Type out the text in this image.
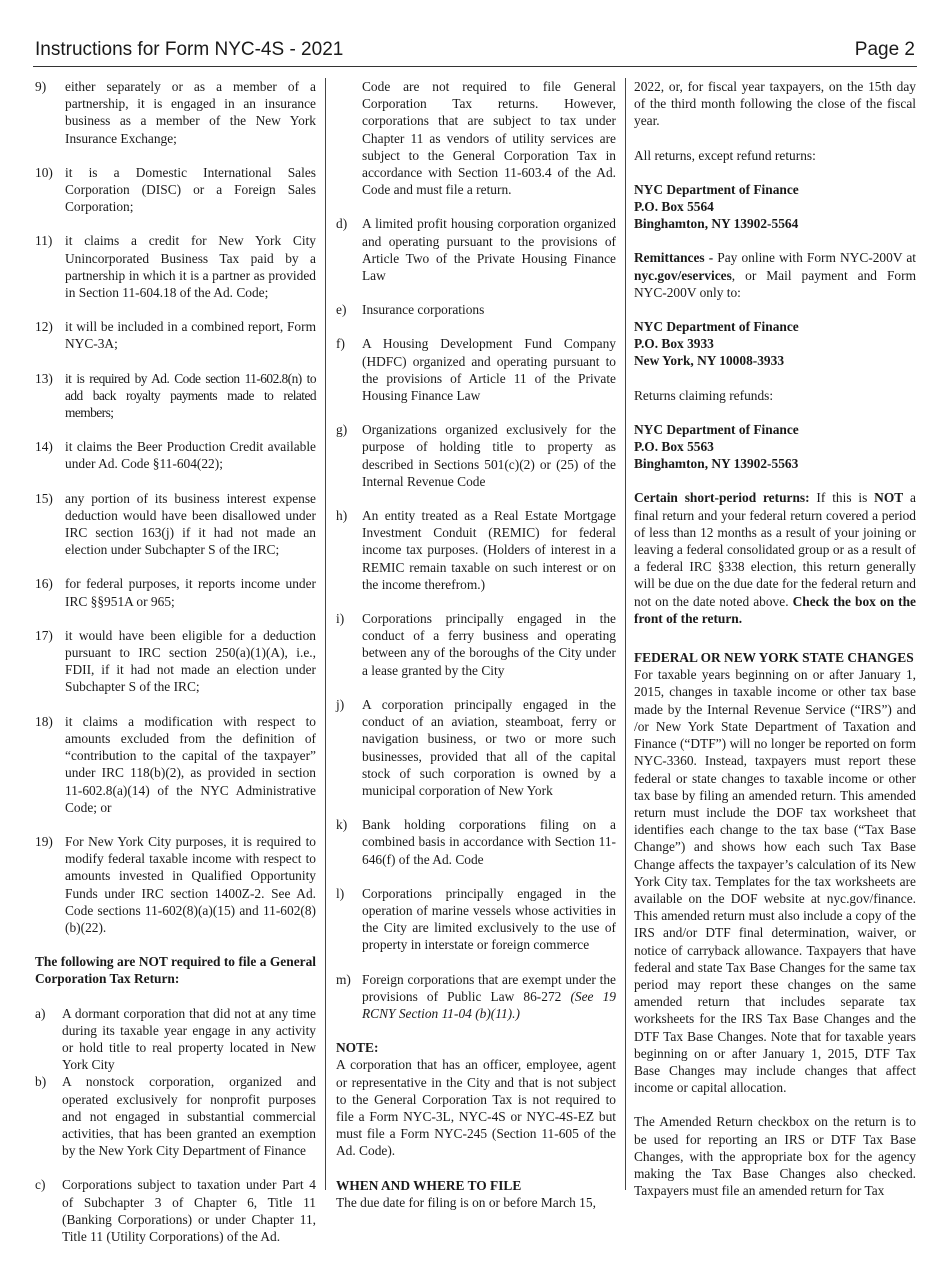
Instructions for Form NYC-4S - 2021	Page 2
9)	either separately or as a member of a partnership, it is engaged in an insurance business as a member of the New York Insurance Exchange;
10) it is a Domestic International Sales Corporation (DISC) or a Foreign Sales Corporation;
11) it claims a credit for New York City Unincorporated Business Tax paid by a partnership in which it is a partner as provided in Section 11-604.18 of the Ad. Code;
12) it will be included in a combined report, Form NYC-3A;
13) it is required by Ad. Code section 11-602.8(n) to add back royalty payments made to related members;
14) it claims the Beer Production Credit available under Ad. Code §11-604(22);
15) any portion of its business interest expense deduction would have been disallowed under IRC section 163(j) if it had not made an election under Subchapter S of the IRC;
16) for federal purposes, it reports income under IRC §§951A or 965;
17) it would have been eligible for a deduction pursuant to IRC section 250(a)(1)(A), i.e., FDII, if it had not made an election under Subchapter S of the IRC;
18) it claims a modification with respect to amounts excluded from the definition of “contribution to the capital of the taxpayer” under IRC 118(b)(2), as provided in section 11-602.8(a)(14) of the NYC Administrative Code; or
19) For New York City purposes, it is required to modify federal taxable income with respect to amounts invested in Qualified Opportunity Funds under IRC section 1400Z-2. See Ad. Code sections 11-602(8)(a)(15) and 11-602(8)(b)(22).
The following are NOT required to file a General Corporation Tax Return:
a)	A dormant corporation that did not at any time during its taxable year engage in any activity or hold title to real property located in New York City
b)	A nonstock corporation, organized and operated exclusively for nonprofit purposes and not engaged in substantial commercial activities, that has been granted an exemption by the New York City Department of Finance
c)	Corporations subject to taxation under Part 4 of Subchapter 3 of Chapter 6, Title 11 (Banking Corporations) or under Chapter 11, Title 11 (Utility Corporations) of the Ad.
Code are not required to file General Corporation Tax returns. However, corporations that are subject to tax under Chapter 11 as vendors of utility services are subject to the General Corporation Tax in accordance with Section 11-603.4 of the Ad. Code and must file a return.
d)	A limited profit housing corporation organized and operating pursuant to the provisions of Article Two of the Private Housing Finance Law
e)	Insurance corporations
f)	A Housing Development Fund Company (HDFC) organized and operating pursuant to the provisions of Article 11 of the Private Housing Finance Law
g)	Organizations organized exclusively for the purpose of holding title to property as described in Sections 501(c)(2) or (25) of the Internal Revenue Code
h)	An entity treated as a Real Estate Mortgage Investment Conduit (REMIC) for federal income tax purposes. (Holders of interest in a REMIC remain taxable on such interest or on the income therefrom.)
i)	Corporations principally engaged in the conduct of a ferry business and operating between any of the boroughs of the City under a lease granted by the City
j)	A corporation principally engaged in the conduct of an aviation, steamboat, ferry or navigation business, or two or more such businesses, provided that all of the capital stock of such corporation is owned by a municipal corporation of New York
k)	Bank holding corporations filing on a combined basis in accordance with Section 11-646(f) of the Ad. Code
l)	Corporations principally engaged in the operation of marine vessels whose activities in the City are limited exclusively to the use of property in interstate or foreign commerce
m) Foreign corporations that are exempt under the provisions of Public Law 86-272 (See 19 RCNY Section 11-04 (b)(11).)
NOTE:
A corporation that has an officer, employee, agent or representative in the City and that is not subject to the General Corporation Tax is not required to file a Form NYC-3L, NYC-4S or NYC-4S-EZ but must file a Form NYC-245 (Section 11-605 of the Ad. Code).
WHEN AND WHERE TO FILE
The due date for filing is on or before March 15,
2022, or, for fiscal year taxpayers, on the 15th day of the third month following the close of the fiscal year.
All returns, except refund returns:
NYC Department of Finance
P.O. Box 5564
Binghamton, NY 13902-5564
Remittances - Pay online with Form NYC-200V at nyc.gov/eservices, or Mail payment and Form NYC-200V only to:
NYC Department of Finance
P.O. Box 3933
New York, NY 10008-3933
Returns claiming refunds:
NYC Department of Finance
P.O. Box 5563
Binghamton, NY 13902-5563
Certain short-period returns: If this is NOT a final return and your federal return covered a period of less than 12 months as a result of your joining or leaving a federal consolidated group or as a result of a federal IRC §338 election, this return generally will be due on the due date for the federal return and not on the date noted above. Check the box on the front of the return.
FEDERAL OR NEW YORK STATE CHANGES
For taxable years beginning on or after January 1, 2015, changes in taxable income or other tax base made by the Internal Revenue Service (“IRS”) and /or New York State Department of Taxation and Finance (“DTF”) will no longer be reported on form NYC-3360. Instead, taxpayers must report these federal or state changes to taxable income or other tax base by filing an amended return. This amended return must include the DOF tax worksheet that identifies each change to the tax base (“Tax Base Change”) and shows how each such Tax Base Change affects the taxpayer’s calculation of its New York City tax. Templates for the tax worksheets are available on the DOF website at nyc.gov/finance. This amended return must also include a copy of the IRS and/or DTF final determination, waiver, or notice of carryback allowance. Taxpayers that have federal and state Tax Base Changes for the same tax period may report these changes on the same amended return that includes separate tax worksheets for the IRS Tax Base Changes and the DTF Tax Base Changes. Note that for taxable years beginning on or after January 1, 2015, DTF Tax Base Changes may include changes that affect income or capital allocation.
The Amended Return checkbox on the return is to be used for reporting an IRS or DTF Tax Base Changes, with the appropriate box for the agency making the Tax Base Changes also checked. Taxpayers must file an amended return for Tax
